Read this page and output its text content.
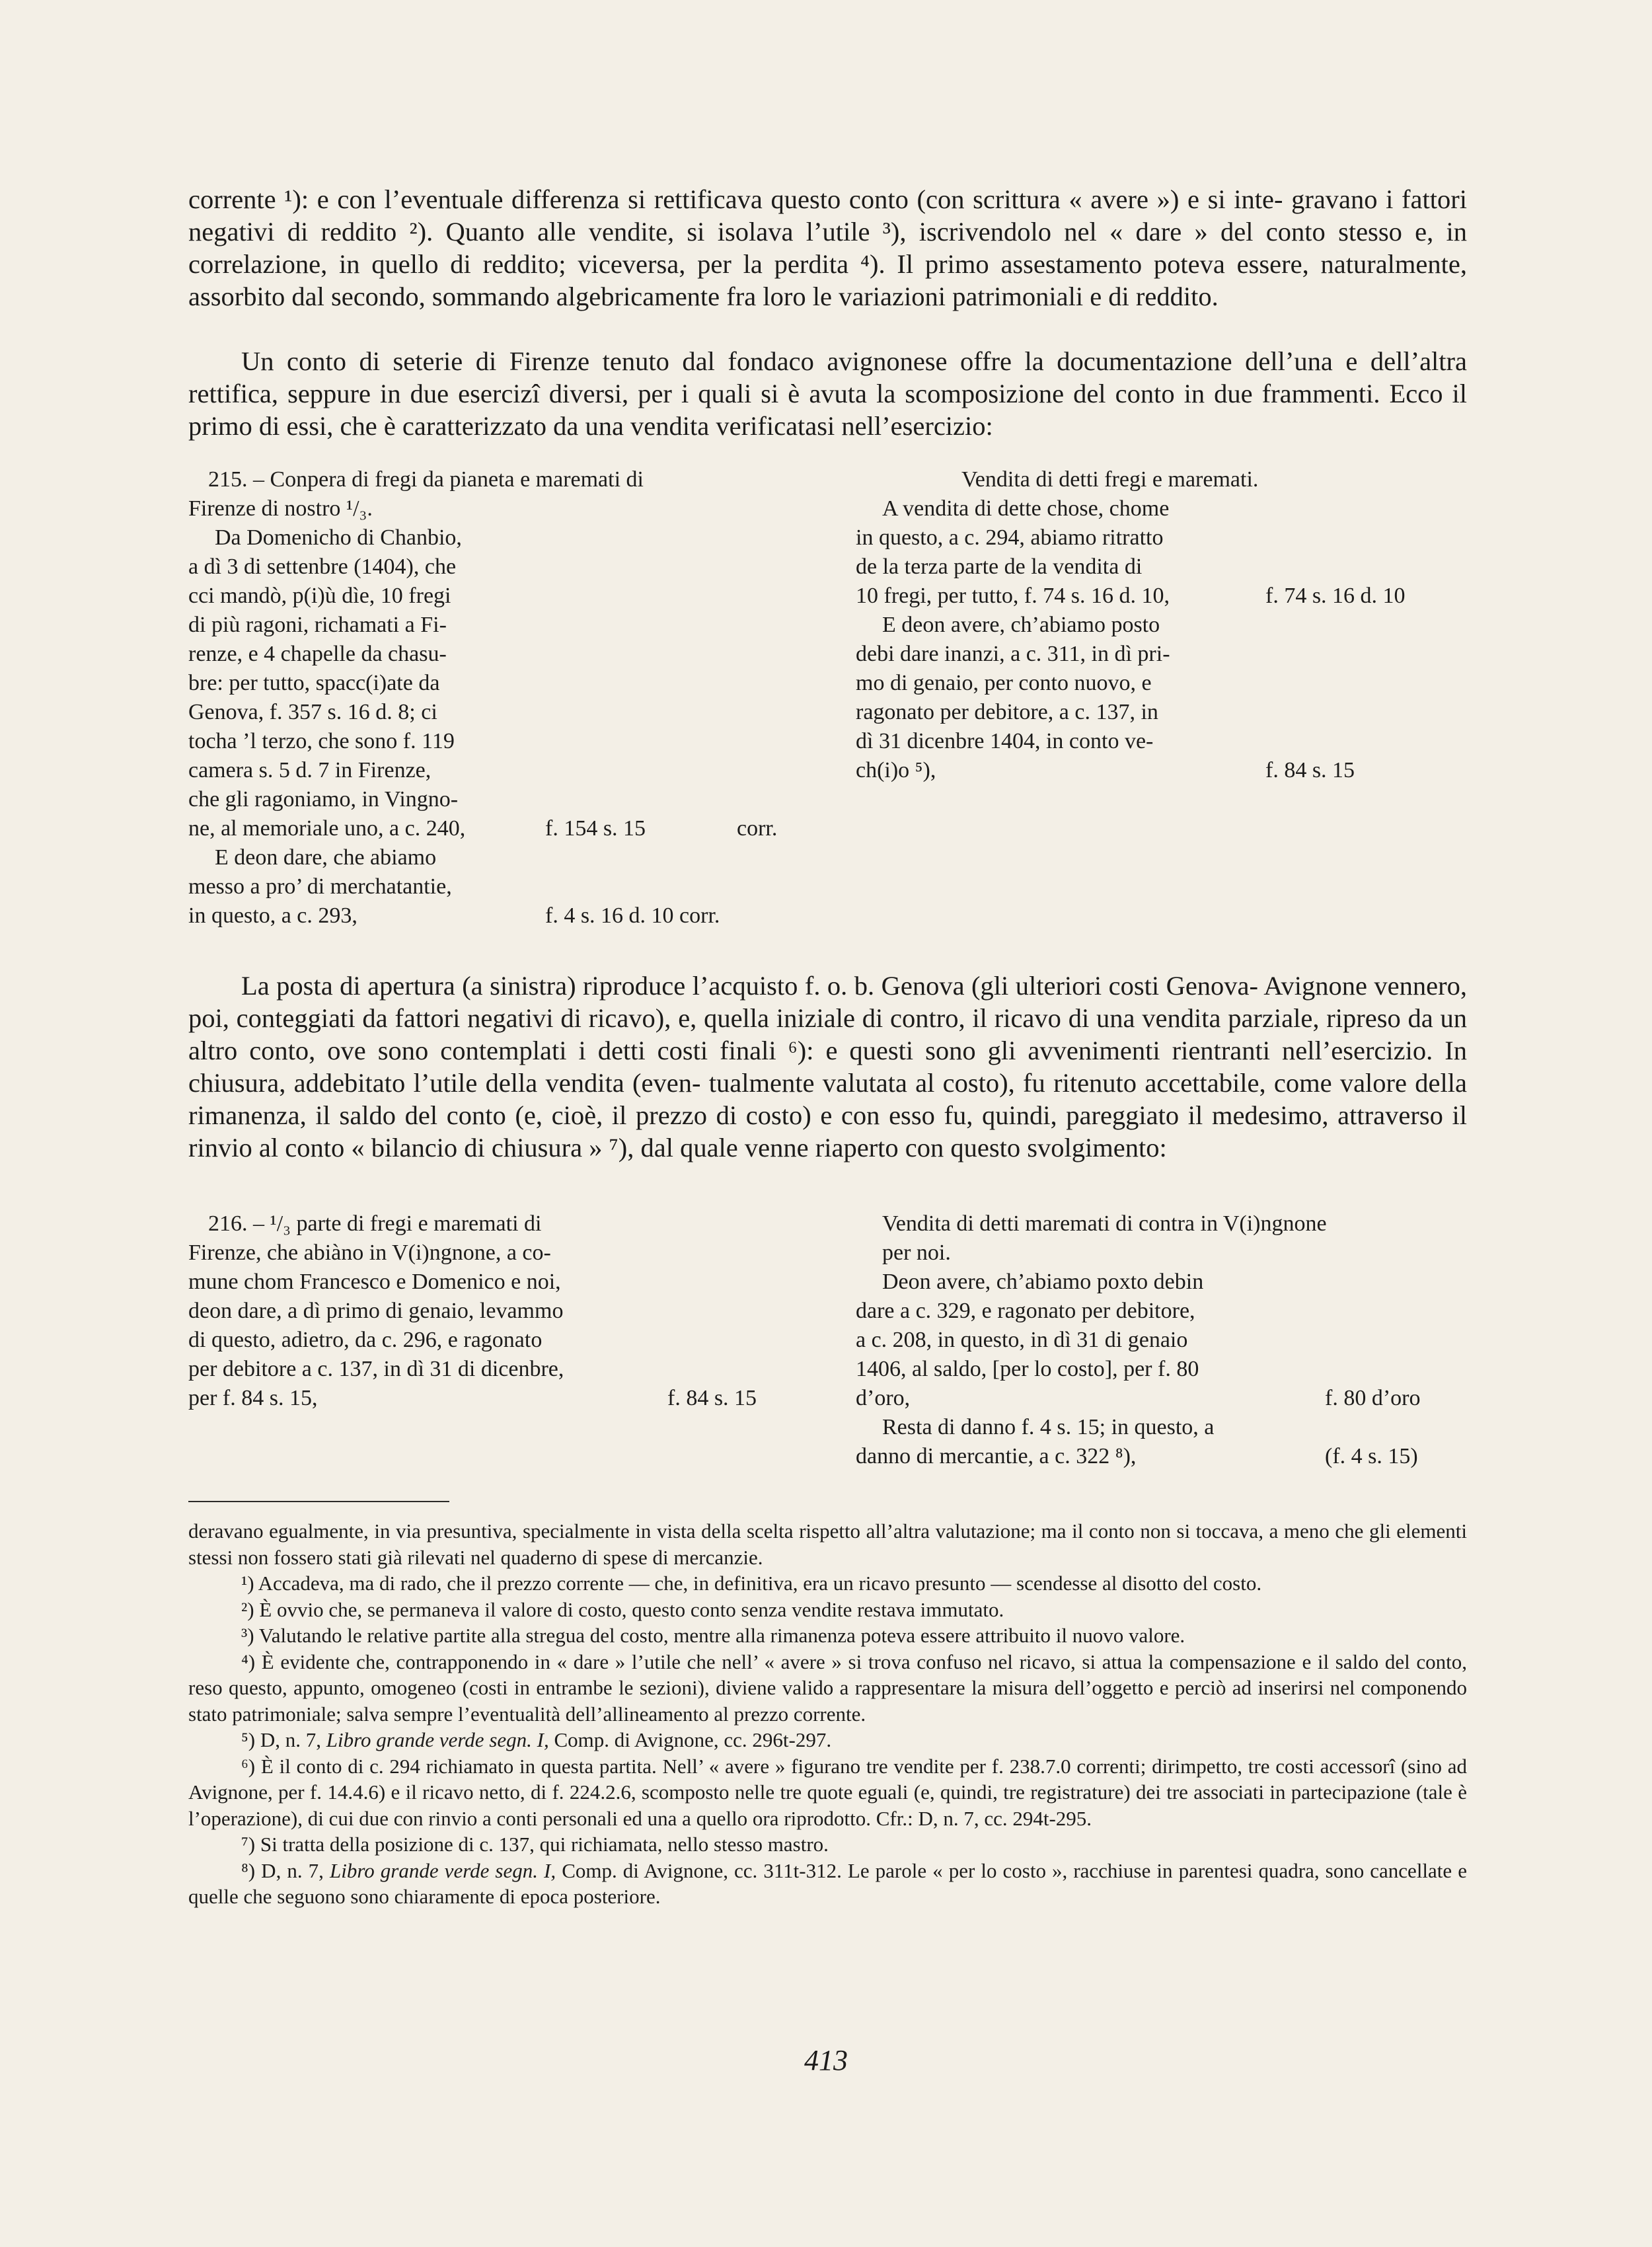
corrente ¹): e con l’eventuale differenza si rettificava questo conto (con scrittura « avere ») e si inte- gravano i fattori negativi di reddito ²). Quanto alle vendite, si isolava l’utile ³), iscrivendolo nel « dare » del conto stesso e, in correlazione, in quello di reddito; viceversa, per la perdita ⁴). Il primo assestamento poteva essere, naturalmente, assorbito dal secondo, sommando algebricamente fra loro le variazioni patrimoniali e di reddito.

Un conto di seterie di Firenze tenuto dal fondaco avignonese offre la documentazione dell’una e dell’altra rettifica, seppure in due esercizî diversi, per i quali si è avuta la scomposizione del conto in due frammenti. Ecco il primo di essi, che è caratterizzato da una vendita verificatasi nell’esercizio:

215. – Conpera di fregi da pianeta e maremati di
Firenze di nostro ¹/₃.
Da Domenicho di Chanbio,
a dì 3 di settenbre (1404), che
cci mandò, p(i)ù dìe, 10 fregi
di più ragoni, richamati a Fi-
renze, e 4 chapelle da chasu-
bre: per tutto, spacc(i)ate da
Genova, f. 357 s. 16 d. 8; ci
tocha ’l terzo, che sono f. 119
camera s. 5 d. 7 in Firenze,
che gli ragoniamo, in Vingno-
ne, al memoriale uno, a c. 240,	f. 154 s. 15	corr.
E deon dare, che abiamo
messo a pro’ di merchatantie,
in questo, a c. 293,	f. 4 s. 16 d. 10 corr.
Vendita di detti fregi e maremati.
A vendita di dette chose, chome
in questo, a c. 294, abiamo ritratto
de la terza parte de la vendita di
10 fregi, per tutto, f. 74 s. 16 d. 10,	f. 74 s. 16 d. 10
E deon avere, ch’abiamo posto
debi dare inanzi, a c. 311, in dì pri-
mo di genaio, per conto nuovo, e
ragonato per debitore, a c. 137, in
dì 31 dicenbre 1404, in conto ve-
ch(i)o ⁵),	f. 84 s. 15

La posta di apertura (a sinistra) riproduce l’acquisto f. o. b. Genova (gli ulteriori costi Genova- Avignone vennero, poi, conteggiati da fattori negativi di ricavo), e, quella iniziale di contro, il ricavo di una vendita parziale, ripreso da un altro conto, ove sono contemplati i detti costi finali ⁶): e questi sono gli avvenimenti rientranti nell’esercizio. In chiusura, addebitato l’utile della vendita (even- tualmente valutata al costo), fu ritenuto accettabile, come valore della rimanenza, il saldo del conto (e, cioè, il prezzo di costo) e con esso fu, quindi, pareggiato il medesimo, attraverso il rinvio al conto « bilancio di chiusura » ⁷), dal quale venne riaperto con questo svolgimento:

216. – ¹/₃ parte di fregi e maremati di
Firenze, che abiàno in V(i)ngnone, a co-
mune chom Francesco e Domenico e noi,
deon dare, a dì primo di genaio, levammo
di questo, adietro, da c. 296, e ragonato
per debitore a c. 137, in dì 31 di dicenbre,
per f. 84 s. 15,	f. 84 s. 15
Vendita di detti maremati di contra in V(i)ngnone
per noi.
Deon avere, ch’abiamo poxto debin
dare a c. 329, e ragonato per debitore,
a c. 208, in questo, in dì 31 di genaio
1406, al saldo, [per lo costo], per f. 80
d’oro,	f. 80 d’oro
Resta di danno f. 4 s. 15; in questo, a
danno di mercantie, a c. 322 ⁸),	(f. 4 s. 15)

deravano egualmente, in via presuntiva, specialmente in vista della scelta rispetto all’altra valutazione; ma il conto non si toccava, a meno che gli elementi stessi non fossero stati già rilevati nel quaderno di spese di mercanzie.

¹) Accadeva, ma di rado, che il prezzo corrente — che, in definitiva, era un ricavo presunto — scendesse al disotto del costo.

²) È ovvio che, se permaneva il valore di costo, questo conto senza vendite restava immutato.

³) Valutando le relative partite alla stregua del costo, mentre alla rimanenza poteva essere attribuito il nuovo valore.

⁴) È evidente che, contrapponendo in « dare » l’utile che nell’ « avere » si trova confuso nel ricavo, si attua la compensazione e il saldo del conto, reso questo, appunto, omogeneo (costi in entrambe le sezioni), diviene valido a rappresentare la misura dell’oggetto e perciò ad inserirsi nel componendo stato patrimoniale; salva sempre l’eventualità dell’allineamento al prezzo corrente.

⁵) D, n. 7, Libro grande verde segn. I, Comp. di Avignone, cc. 296t-297.

⁶) È il conto di c. 294 richiamato in questa partita. Nell’ « avere » figurano tre vendite per f. 238.7.0 correnti; dirimpetto, tre costi accessorî (sino ad Avignone, per f. 14.4.6) e il ricavo netto, di f. 224.2.6, scomposto nelle tre quote eguali (e, quindi, tre registrature) dei tre associati in partecipazione (tale è l’operazione), di cui due con rinvio a conti personali ed una a quello ora riprodotto. Cfr.: D, n. 7, cc. 294t-295.

⁷) Si tratta della posizione di c. 137, qui richiamata, nello stesso mastro.

⁸) D, n. 7, Libro grande verde segn. I, Comp. di Avignone, cc. 311t-312. Le parole « per lo costo », racchiuse in parentesi quadra, sono cancellate e quelle che seguono sono chiaramente di epoca posteriore.

413
